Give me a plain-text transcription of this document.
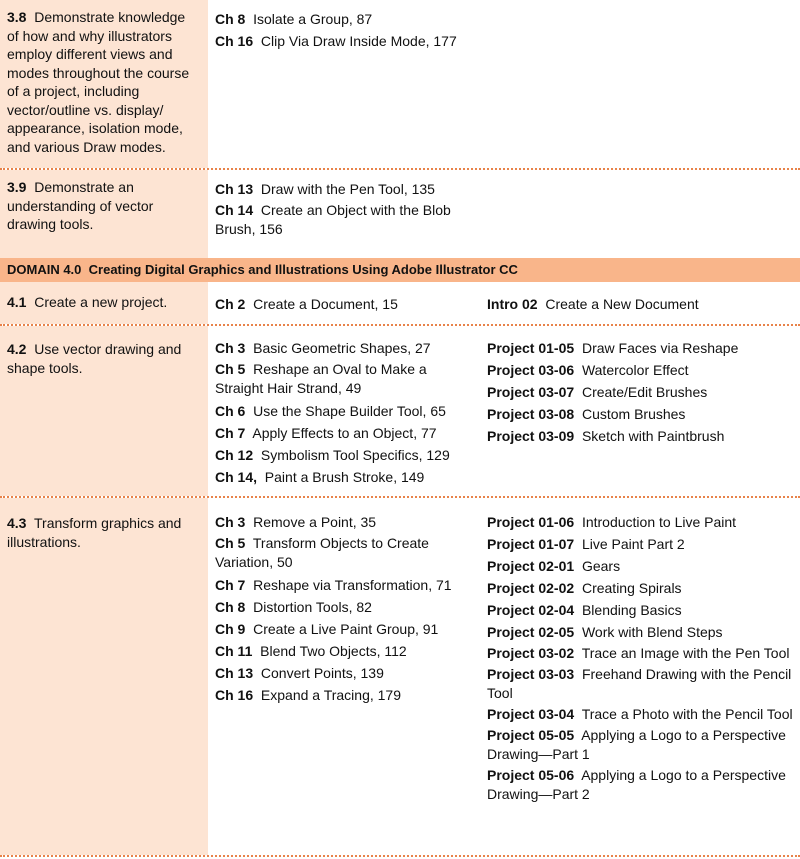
3.8 Demonstrate knowledge of how and why illustrators employ different views and modes throughout the course of a project, including vector/outline vs. display/ appearance, isolation mode, and various Draw modes.
Ch 8 Isolate a Group, 87
Ch 16 Clip Via Draw Inside Mode, 177
3.9 Demonstrate an understanding of vector drawing tools.
Ch 13 Draw with the Pen Tool, 135
Ch 14 Create an Object with the Blob Brush, 156
DOMAIN 4.0 Creating Digital Graphics and Illustrations Using Adobe Illustrator CC
4.1 Create a new project.	Ch 2 Create a Document, 15	Intro 02 Create a New Document
4.2 Use vector drawing and shape tools.
Ch 3 Basic Geometric Shapes, 27
Ch 5 Reshape an Oval to Make a Straight Hair Strand, 49
Ch 6 Use the Shape Builder Tool, 65
Ch 7 Apply Effects to an Object, 77
Ch 12 Symbolism Tool Specifics, 129
Ch 14, Paint a Brush Stroke, 149
Project 01-05 Draw Faces via Reshape
Project 03-06 Watercolor Effect
Project 03-07 Create/Edit Brushes
Project 03-08 Custom Brushes
Project 03-09 Sketch with Paintbrush
4.3 Transform graphics and illustrations.
Ch 3 Remove a Point, 35
Ch 5 Transform Objects to Create Variation, 50
Ch 7 Reshape via Transformation, 71
Ch 8 Distortion Tools, 82
Ch 9 Create a Live Paint Group, 91
Ch 11 Blend Two Objects, 112
Ch 13 Convert Points, 139
Ch 16 Expand a Tracing, 179
Project 01-06 Introduction to Live Paint
Project 01-07 Live Paint Part 2
Project 02-01 Gears
Project 02-02 Creating Spirals
Project 02-04 Blending Basics
Project 02-05 Work with Blend Steps
Project 03-02 Trace an Image with the Pen Tool
Project 03-03 Freehand Drawing with the Pencil Tool
Project 03-04 Trace a Photo with the Pencil Tool
Project 05-05 Applying a Logo to a Perspective Drawing—Part 1
Project 05-06 Applying a Logo to a Perspective Drawing—Part 2
